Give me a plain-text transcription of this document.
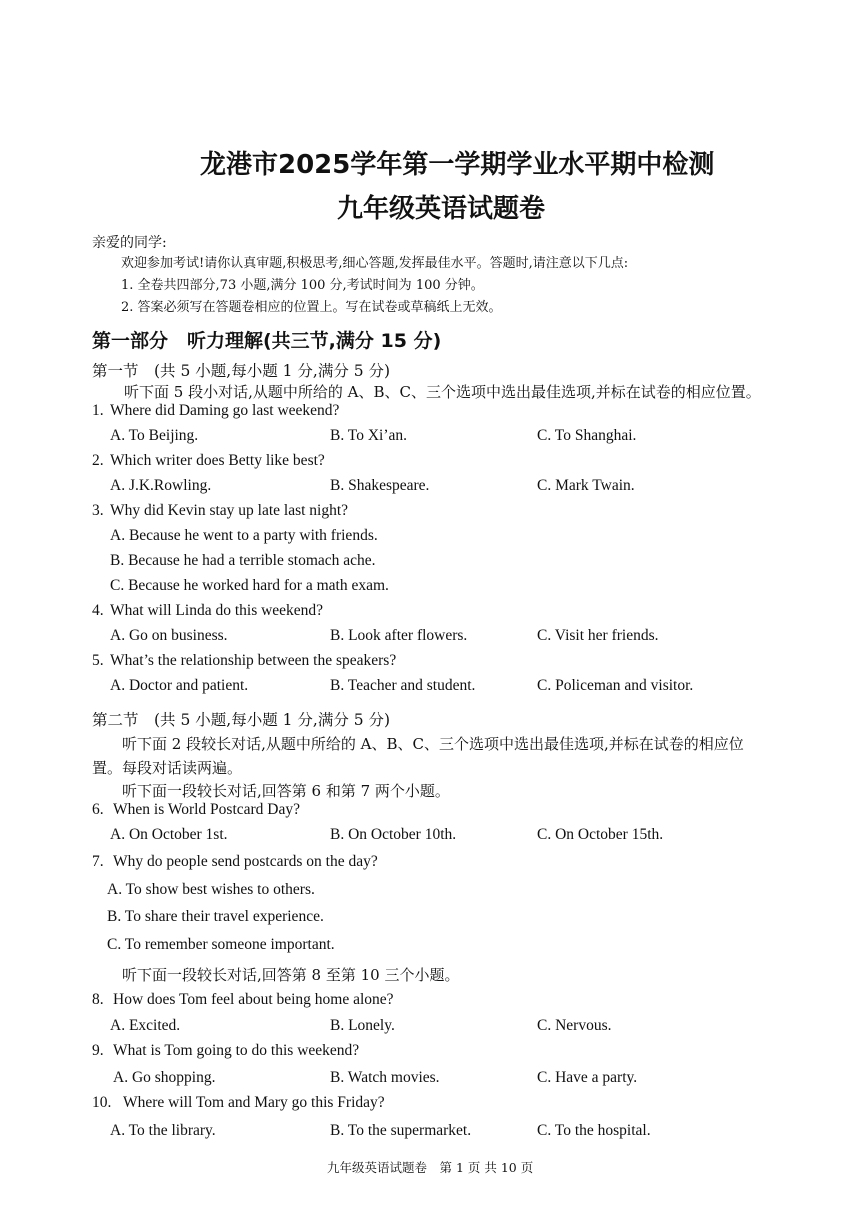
龙港市2025学年第一学期学业水平期中检测
九年级英语试题卷
亲爱的同学:
欢迎参加考试!请你认真审题,积极思考,细心答题,发挥最佳水平。答题时,请注意以下几点:
1. 全卷共四部分,73 小题,满分 100 分,考试时间为 100 分钟。
2. 答案必须写在答题卷相应的位置上。写在试卷或草稿纸上无效。
第一部分　听力理解(共三节,满分 15 分)
第一节　(共 5 小题,每小题 1 分,满分 5 分)
听下面 5 段小对话,从题中所给的 A、B、C、三个选项中选出最佳选项,并标在试卷的相应位置。
1. Where did Daming go last weekend?
A. To Beijing.	B. To Xi’an.	C. To Shanghai.
2. Which writer does Betty like best?
A. J.K.Rowling.	B. Shakespeare.	C. Mark Twain.
3. Why did Kevin stay up late last night?
A. Because he went to a party with friends.
B. Because he had a terrible stomach ache.
C. Because he worked hard for a math exam.
4. What will Linda do this weekend?
A. Go on business.	B. Look after flowers.	C. Visit her friends.
5. What’s the relationship between the speakers?
A. Doctor and patient.	B. Teacher and student.	C. Policeman and visitor.
第二节　(共 5 小题,每小题 1 分,满分 5 分)
听下面 2 段较长对话,从题中所给的 A、B、C、三个选项中选出最佳选项,并标在试卷的相应位
置。每段对话读两遍。
听下面一段较长对话,回答第 6 和第 7 两个小题。
6. When is World Postcard Day?
A. On October 1st.	B. On October 10th.	C. On October 15th.
7. Why do people send postcards on the day?
A. To show best wishes to others.
B. To share their travel experience.
C. To remember someone important.
听下面一段较长对话,回答第 8 至第 10 三个小题。
8. How does Tom feel about being home alone?
A. Excited.	B. Lonely.	C. Nervous.
9. What is Tom going to do this weekend?
A. Go shopping.	B. Watch movies.	C. Have a party.
10. Where will Tom and Mary go this Friday?
A. To the library.	B. To the supermarket.	C. To the hospital.
九年级英语试题卷　第 1 页 共 10 页
